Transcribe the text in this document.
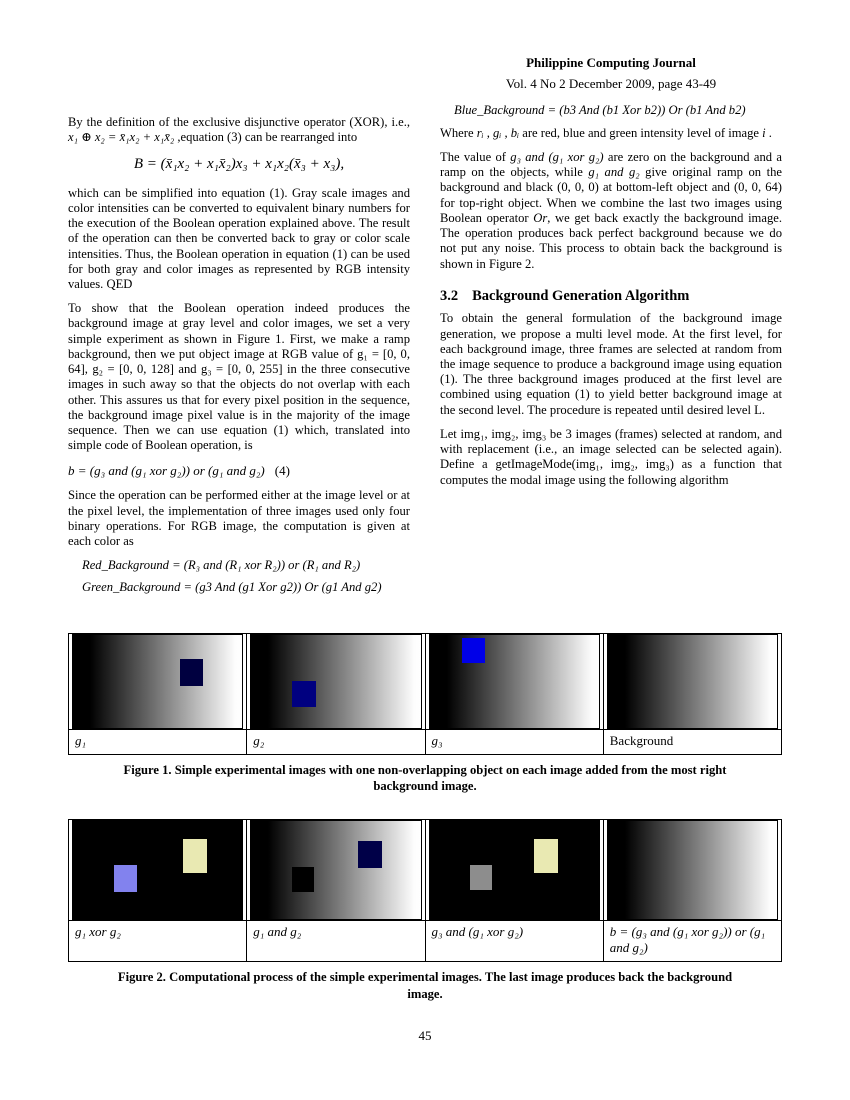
By the definition of the exclusive disjunctive operator (XOR), i.e., x₁ ⊕ x₂ = x̄₁x₂ + x₁x̄₂ ,equation (3) can be rearranged into

B = (x̄₁x₂ + x₁x̄₂)x₃ + x₁x₂(x̄₃ + x₃),

which can be simplified into equation (1). Gray scale images and color intensities can be converted to equivalent binary numbers for the execution of the Boolean operation explained above. The result of the operation can then be converted back to gray or color scale intensities. Thus, the Boolean operation in equation (1) can be used for both gray and color images as represented by RGB intensity values. QED

To show that the Boolean operation indeed produces the background image at gray level and color images, we set a very simple experiment as shown in Figure 1. First, we make a ramp background, then we put object image at RGB value of g₁ = [0, 0, 64], g₂ = [0, 0, 128] and g₃ = [0, 0, 255] in the three consecutive images in such away so that the objects do not overlap with each other. This assures us that for every pixel position in the sequence, the background image pixel value is in the majority of the image sequence. Then we can use equation (1) which, translated into simple code of Boolean operation, is

b = (g₃ and (g₁ xor g₂)) or (g₁ and g₂) (4)

Since the operation can be performed either at the image level or at the pixel level, the implementation of three images used only four binary operations. For RGB image, the computation is given at each color as

Red_Background = (R₃ and (R₁ xor R₂)) or (R₁ and R₂)
Green_Background = (g3 And (g1 Xor g2)) Or (g1 And g2)
Philippine Computing Journal
Vol. 4 No 2 December 2009, page 43-49
Blue_Background = (b3 And (b1 Xor b2)) Or (b1 And b2)

Where rᵢ , gᵢ , bᵢ are red, blue and green intensity level of image i .

The value of g₃ and (g₁ xor g₂) are zero on the background and a ramp on the objects, while g₁ and g₂ give original ramp on the background and black (0, 0, 0) at bottom-left object and (0, 0, 64) for top-right object. When we combine the last two images using Boolean operator Or, we get back exactly the background image. The operation produces back perfect background because we do not put any noise. This process to obtain back the background is shown in Figure 2.

3.2 Background Generation Algorithm

To obtain the general formulation of the background image generation, we propose a multi level mode. At the first level, for each background image, three frames are selected at random from the image sequence to produce a background image using equation (1). The three background images produced at the first level are combined using equation (1) to yield better background image at the second level. The procedure is repeated until desired level L.

Let img₁, img₂, img₃ be 3 images (frames) selected at random, and with replacement (i.e., an image selected can be selected again). Define a getImageMode(img₁, img₂, img₃) as a function that computes the modal image using the following algorithm

g₁	g₂	g₃	Background
Figure 1. Simple experimental images with one non-overlapping object on each image added from the most right background image.
g₁ xor g₂	g₁ and g₂	g₃ and (g₁ xor g₂)	b = (g₃ and (g₁ xor g₂)) or (g₁ and g₂)
Figure 2. Computational process of the simple experimental images. The last image produces back the background image.
45
